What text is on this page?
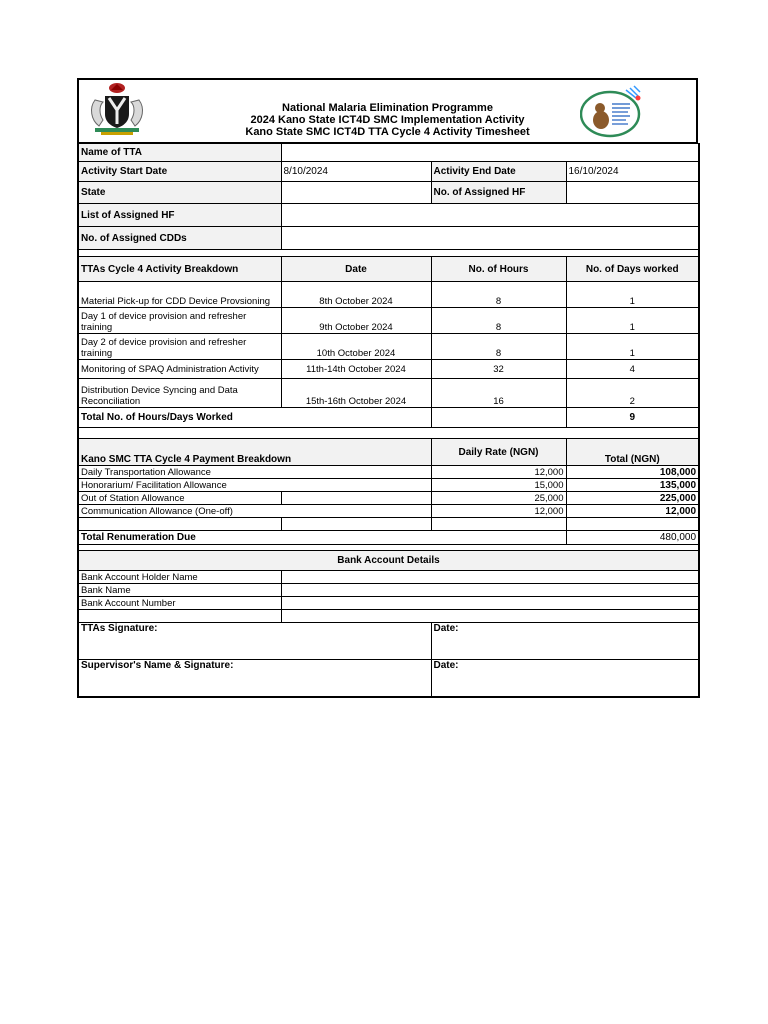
National Malaria Elimination Programme
2024 Kano State ICT4D SMC Implementation Activity
Kano State SMC ICT4D TTA Cycle 4 Activity Timesheet
Name of TTA			
Activity Start Date	8/10/2024	Activity End Date	16/10/2024
State		No. of Assigned HF	
List of Assigned HF			
No. of Assigned CDDs			

TTAs Cycle 4 Activity Breakdown	Date	No. of Hours	No. of Days worked
Material Pick-up for CDD Device Provsioning	8th October 2024	8	1
Day 1 of device provision and refresher training	9th October 2024	8	1
Day 2 of device provision and refresher training	10th October 2024	8	1
Monitoring of SPAQ Administration Activity	11th-14th October 2024	32	4
Distribution Device Syncing and Data Reconciliation	15th-16th October 2024	16	2
Total No. of Hours/Days Worked			9

Kano SMC TTA Cycle 4 Payment Breakdown		Daily Rate (NGN)	Total (NGN)
Daily Transportation Allowance		12,000	108,000
Honorarium/ Facilitation Allowance		15,000	135,000
Out of Station Allowance		25,000	225,000
Communication Allowance (One-off)		12,000	12,000

Total Renumeration Due			480,000

Bank Account Details			
Bank Account Holder Name			
Bank Name			
Bank Account Number			

TTAs Signature:		Date:	
Supervisor's Name & Signature:		Date:	
